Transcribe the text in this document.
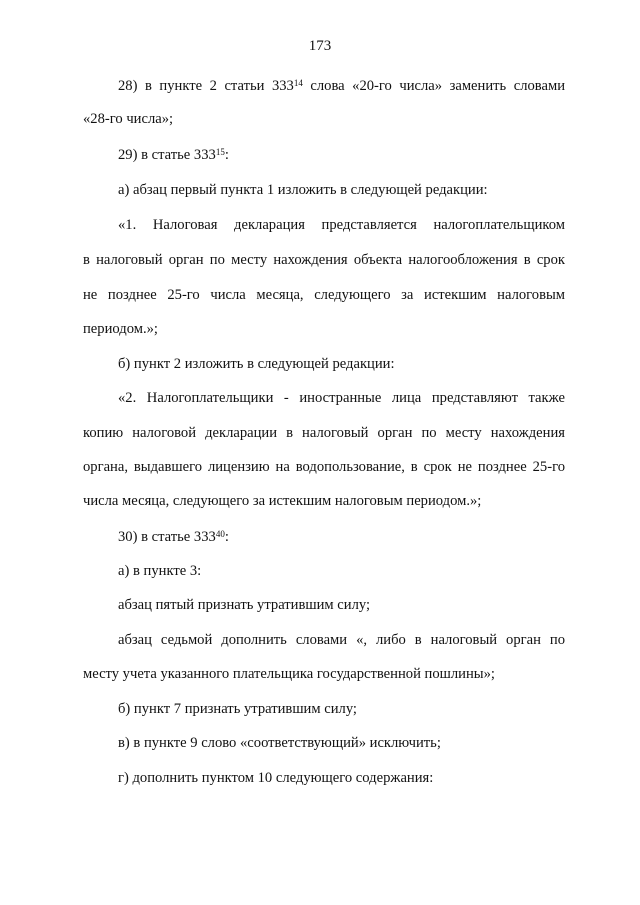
173
28) в пункте 2 статьи $333^{14}$ слова «20-го числа» заменить словами
«28-го числа»;
29) в статье $333^{15}$:
а) абзац первый пункта 1 изложить в следующей редакции:
«1. Налоговая декларация представляется налогоплательщиком
в налоговый орган по месту нахождения объекта налогообложения в срок
не позднее 25-го числа месяца, следующего за истекшим налоговым
периодом.»;
б) пункт 2 изложить в следующей редакции:
«2. Налогоплательщики - иностранные лица представляют также
копию налоговой декларации в налоговый орган по месту нахождения
органа, выдавшего лицензию на водопользование, в срок не позднее 25-го
числа месяца, следующего за истекшим налоговым периодом.»;
30) в статье $333^{40}$:
а) в пункте 3:
абзац пятый признать утратившим силу;
абзац седьмой дополнить словами «, либо в налоговый орган по
месту учета указанного плательщика государственной пошлины»;
б) пункт 7 признать утратившим силу;
в) в пункте 9 слово «соответствующий» исключить;
г) дополнить пунктом 10 следующего содержания:
